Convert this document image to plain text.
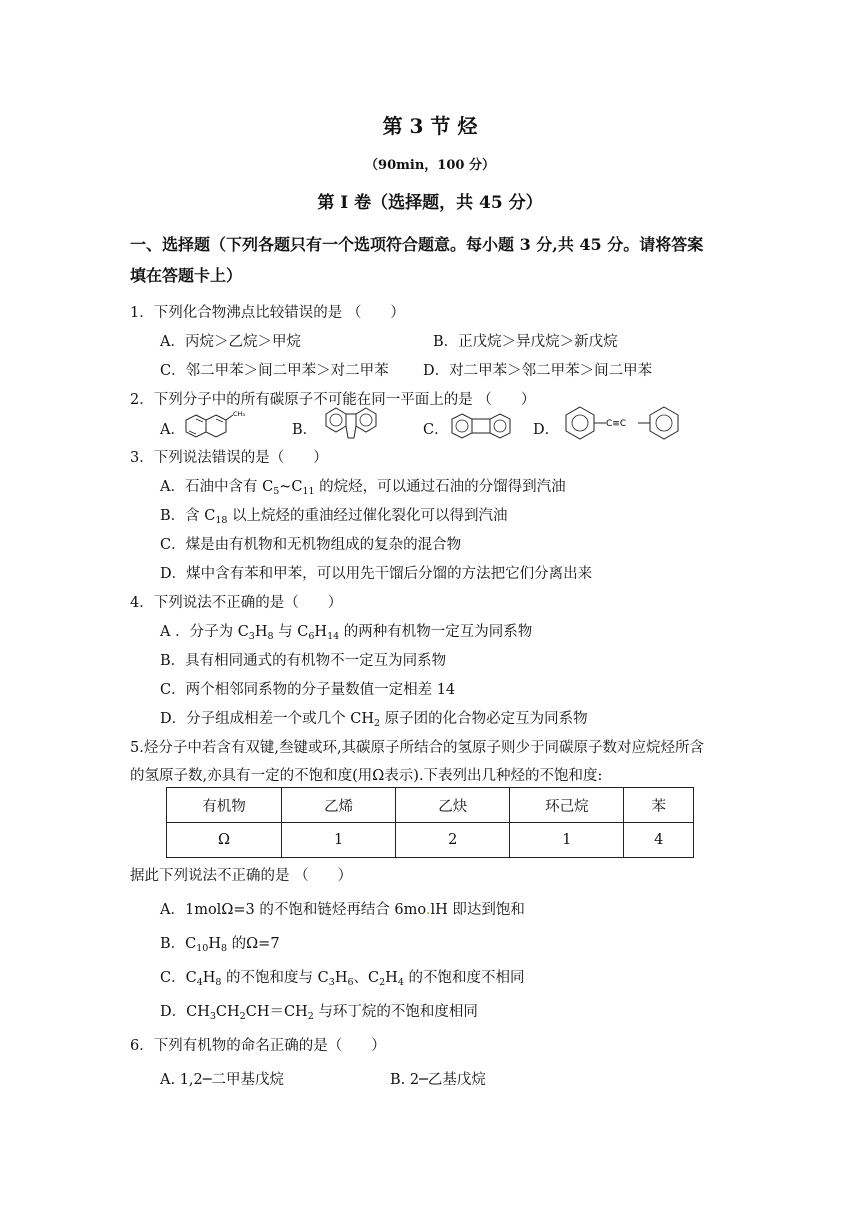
第 3 节 烃
（90min，100 分）
第 I 卷（选择题，共 45 分）
一、选择题（下列各题只有一个选项符合题意。每小题 3 分,共 45 分。请将答案
填在答题卡上）
1．下列化合物沸点比较错误的是 （　　）
A．丙烷＞乙烷＞甲烷	B．正戊烷＞异戊烷＞新戊烷
C．邻二甲苯＞间二甲苯＞对二甲苯 D．对二甲苯＞邻二甲苯＞间二甲苯
2．下列分子中的所有碳原子不可能在同一平面上的是 （　　）
A．
CH₃
B．	C．	D．	C≡C
3．下列说法错误的是（　　）
A．石油中含有 $C_5\sim C_{11}$ 的烷烃，可以通过石油的分馏得到汽油
B．含 $C_{18}$ 以上烷烃的重油经过催化裂化可以得到汽油
C．煤是由有机物和无机物组成的复杂的混合物
D．煤中含有苯和甲苯，可以用先干馏后分馏的方法把它们分离出来
4．下列说法不正确的是（　　）
A ．分子为 $C_3H_8$ 与 $C_6H_{14}$ 的两种有机物一定互为同系物
B．具有相同通式的有机物不一定互为同系物
C．两个相邻同系物的分子量数值一定相差 14
D．分子组成相差一个或几个 $CH_2$ 原子团的化合物必定互为同系物
5.烃分子中若含有双键,叁键或环,其碳原子所结合的氢原子则少于同碳原子数对应烷烃所含
的氢原子数,亦具有一定的不饱和度(用Ω表示).下表列出几种烃的不饱和度:
有机物	乙烯	乙炔	环己烷	苯
Ω	1	2	1	4
据此下列说法不正确的是 （　　）
A．1molΩ=3 的不饱和链烃再结合 6mo.lH 即达到饱和
B．$C_{10}H_8$ 的Ω=7
C．$C_4H_8$ 的不饱和度与 $C_3H_6$、$C_2H_4$ 的不饱和度不相同
D．$CH_3CH_2CH=CH_2$ 与环丁烷的不饱和度相同
6．下列有机物的命名正确的是（　　）
A. 1,2─二甲基戊烷	B. 2─乙基戊烷
